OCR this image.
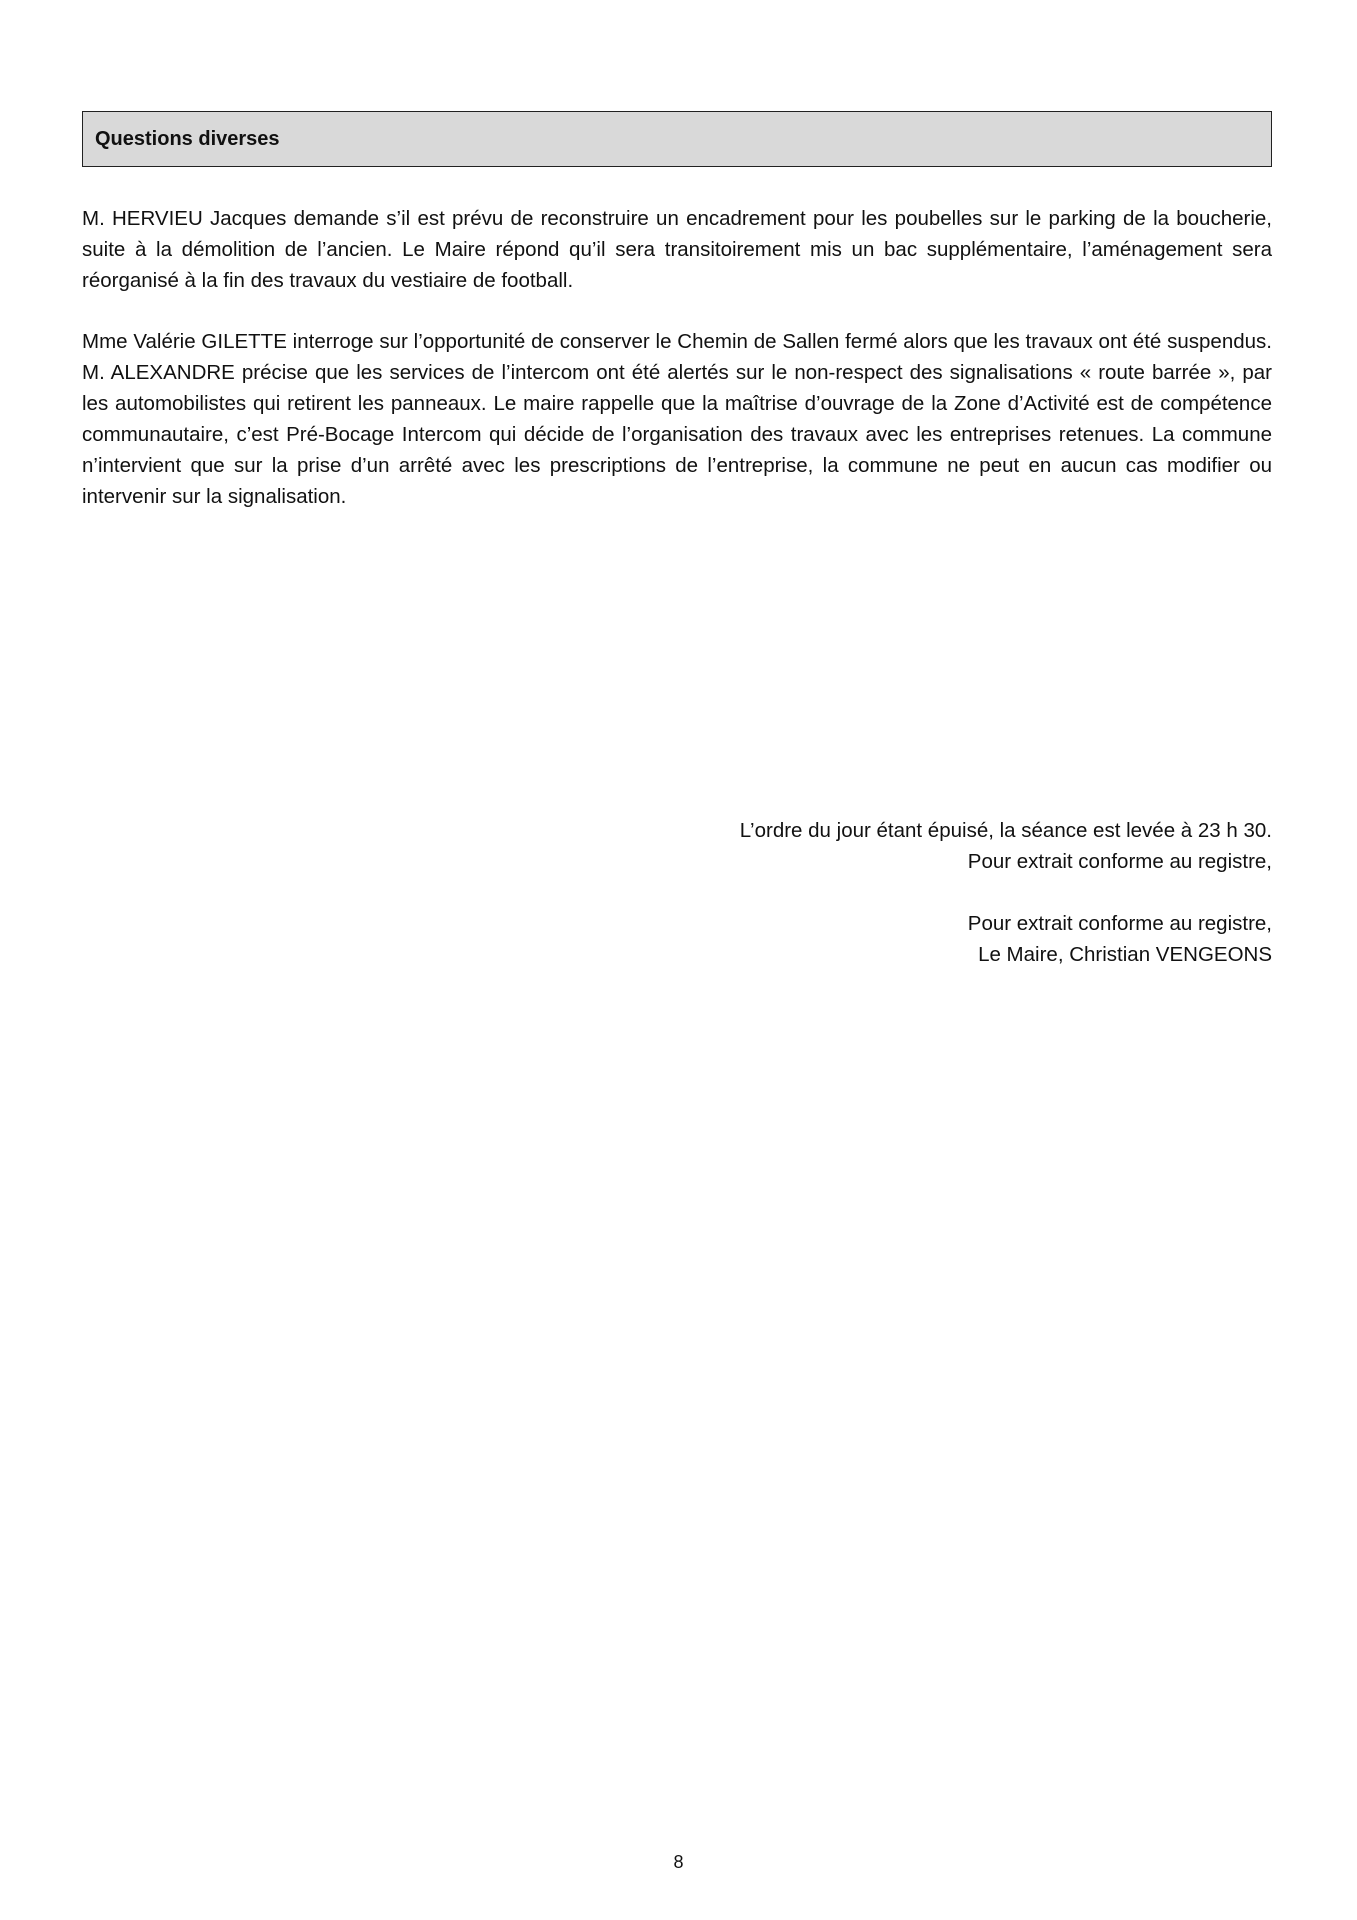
Questions diverses

M. HERVIEU Jacques demande s’il est prévu de reconstruire un encadrement pour les poubelles sur le parking de la boucherie, suite à la démolition de l’ancien. Le Maire répond qu’il sera transitoirement mis un bac supplémentaire, l’aménagement sera réorganisé à la fin des travaux du vestiaire de football.

Mme Valérie GILETTE interroge sur l’opportunité de conserver le Chemin de Sallen fermé alors que les travaux ont été suspendus. M. ALEXANDRE précise que les services de l’intercom ont été alertés sur le non-respect des signalisations « route barrée », par les automobilistes qui retirent les panneaux. Le maire rappelle que la maîtrise d’ouvrage de la Zone d’Activité est de compétence communautaire, c’est Pré-Bocage Intercom qui décide de l’organisation des travaux avec les entreprises retenues. La commune n’intervient que sur la prise d’un arrêté avec les prescriptions de l’entreprise, la commune ne peut en aucun cas modifier ou intervenir sur la signalisation.

L’ordre du jour étant épuisé, la séance est levée à 23 h 30.
Pour extrait conforme au registre,
Pour extrait conforme au registre,
Le Maire, Christian VENGEONS
8
